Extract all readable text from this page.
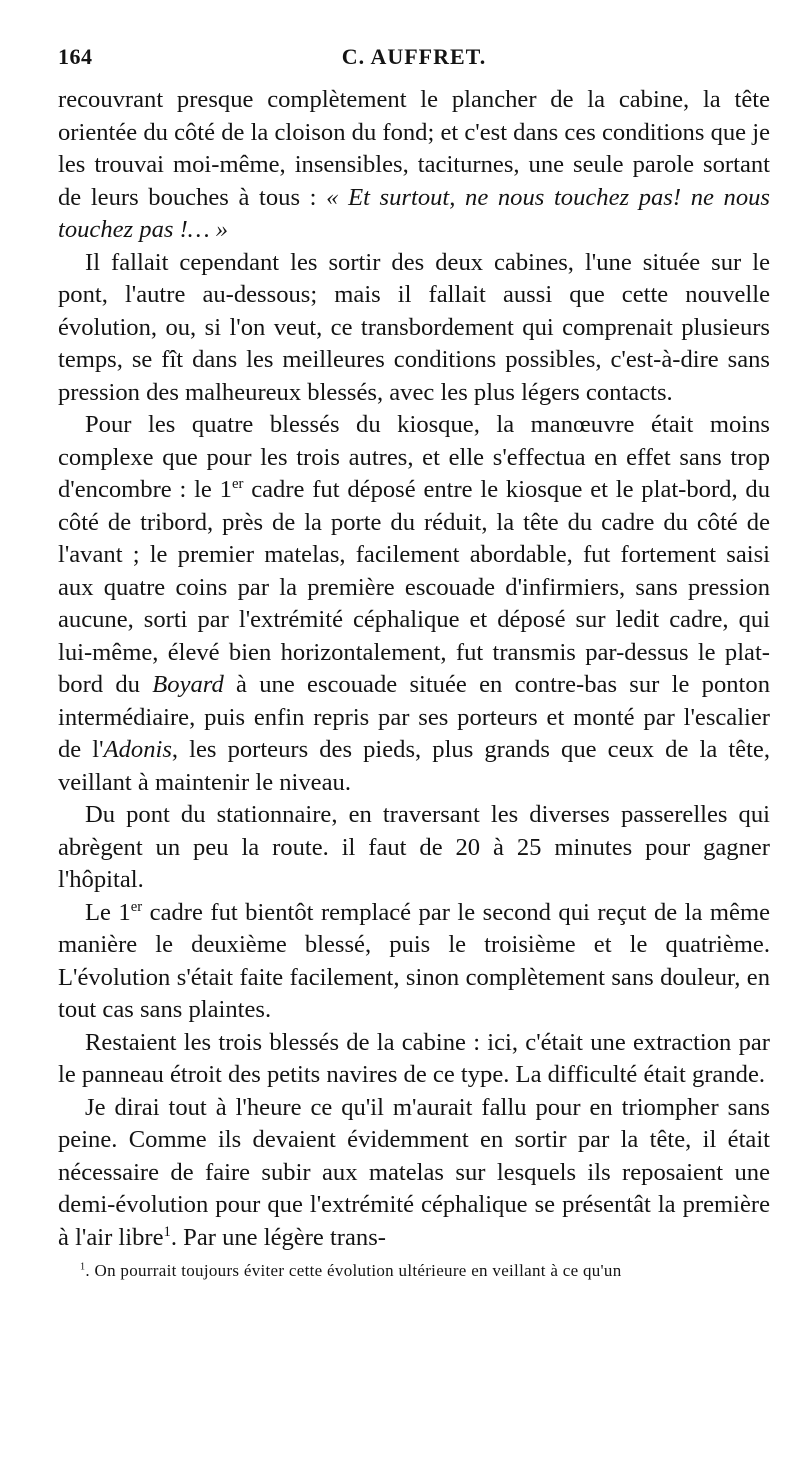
164	C. AUFFRET.

recouvrant presque complètement le plancher de la cabine, la tête orientée du côté de la cloison du fond; et c'est dans ces conditions que je les trouvai moi-même, insensibles, taciturnes, une seule parole sortant de leurs bouches à tous : « Et surtout, ne nous touchez pas! ne nous touchez pas !… »

Il fallait cependant les sortir des deux cabines, l'une située sur le pont, l'autre au-dessous; mais il fallait aussi que cette nouvelle évolution, ou, si l'on veut, ce transbordement qui comprenait plusieurs temps, se fît dans les meilleures conditions possibles, c'est-à-dire sans pression des malheureux blessés, avec les plus légers contacts.

Pour les quatre blessés du kiosque, la manœuvre était moins complexe que pour les trois autres, et elle s'effectua en effet sans trop d'encombre : le 1er cadre fut déposé entre le kiosque et le plat-bord, du côté de tribord, près de la porte du réduit, la tête du cadre du côté de l'avant ; le premier matelas, facilement abordable, fut fortement saisi aux quatre coins par la première escouade d'infirmiers, sans pression aucune, sorti par l'extrémité céphalique et déposé sur ledit cadre, qui lui-même, élevé bien horizontalement, fut transmis par-dessus le plat-bord du Boyard à une escouade située en contre-bas sur le ponton intermédiaire, puis enfin repris par ses porteurs et monté par l'escalier de l'Adonis, les porteurs des pieds, plus grands que ceux de la tête, veillant à maintenir le niveau.

Du pont du stationnaire, en traversant les diverses passerelles qui abrègent un peu la route. il faut de 20 à 25 minutes pour gagner l'hôpital.

Le 1er cadre fut bientôt remplacé par le second qui reçut de la même manière le deuxième blessé, puis le troisième et le quatrième. L'évolution s'était faite facilement, sinon complètement sans douleur, en tout cas sans plaintes.

Restaient les trois blessés de la cabine : ici, c'était une extraction par le panneau étroit des petits navires de ce type. La difficulté était grande.

Je dirai tout à l'heure ce qu'il m'aurait fallu pour en triompher sans peine. Comme ils devaient évidemment en sortir par la tête, il était nécessaire de faire subir aux matelas sur lesquels ils reposaient une demi-évolution pour que l'extrémité céphalique se présentât la première à l'air libre$^1$. Par une légère trans-

$^1$. On pourrait toujours éviter cette évolution ultérieure en veillant à ce qu'un
